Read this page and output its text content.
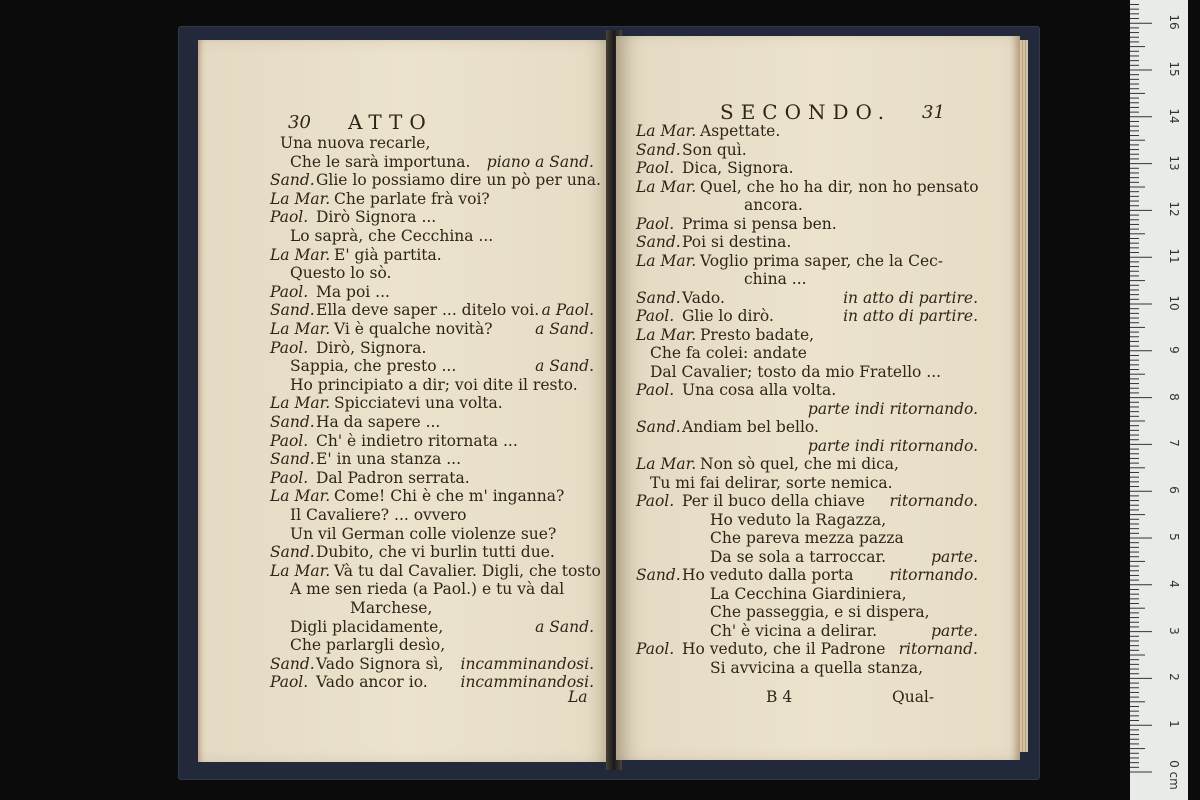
30 ATTO
Una nuova recarle,
Che le sarà importuna. piano a Sand.
Sand. Glie lo possiamo dire un pò per una.
La Mar. Che parlate frà voi?
Paol. Dirò Signora ...
Lo saprà, che Cecchina ...
La Mar. E' già partita.
Questo lo sò.
Paol. Ma poi ...
Sand. Ella deve saper ... ditelo voi. a Paol.
La Mar. Vi è qualche novità?	a Sand.
Paol. Dirò, Signora.
Sappia, che presto ...	a Sand.
Ho principiato a dir; voi dite il resto.
La Mar. Spicciatevi una volta.
Sand. Ha da sapere ...
Paol. Ch' è indietro ritornata ...
Sand. E' in una stanza ...
Paol. Dal Padron serrata.
La Mar. Come! Chi è che m' inganna?
Il Cavaliere? ... ovvero
Un vil German colle violenze sue?
Sand. Dubito, che vi burlin tutti due.
La Mar. Và tu dal Cavalier. Digli, che tosto
A me sen rieda (a Paol.) e tu và dal
Marchese,
Digli placidamente,	a Sand.
Che parlargli desìo,
Sand. Vado Signora sì, incamminandosi.
Paol. Vado ancor io. incamminandosi.
La
SECONDO. 31
La Mar. Aspettate.
Sand. Son quì.
Paol. Dica, Signora.
La Mar. Quel, che ho ha dir, non ho pensato
ancora.
Paol. Prima si pensa ben.
Sand. Poi si destina.
La Mar. Voglio prima saper, che la Cec-
china ...
Sand. Vado.	in atto di partire.
Paol. Glie lo dirò.	in atto di partire.
La Mar. Presto badate,
Che fa colei: andate
Dal Cavalier; tosto da mio Fratello ...
Paol. Una cosa alla volta.
parte indi ritornando.
Sand. Andiam bel bello.
parte indi ritornando.
La Mar. Non sò quel, che mi dica,
Tu mi fai delirar, sorte nemica.
Paol. Per il buco della chiave ritornando.
Ho veduto la Ragazza,
Che pareva mezza pazza
Da se sola a tarroccar.	parte.
Sand. Ho veduto dalla porta ritornando.
La Cecchina Giardiniera,
Che passeggia, e si dispera,
Ch' è vicina a delirar.	parte.
Paol. Ho veduto, che il Padrone ritornand.
Si avvicina a quella stanza,
B 4	Qual-
0 cm
1
2
3
4
5
6
7
8
9
10
11
12
13
14
15
16
